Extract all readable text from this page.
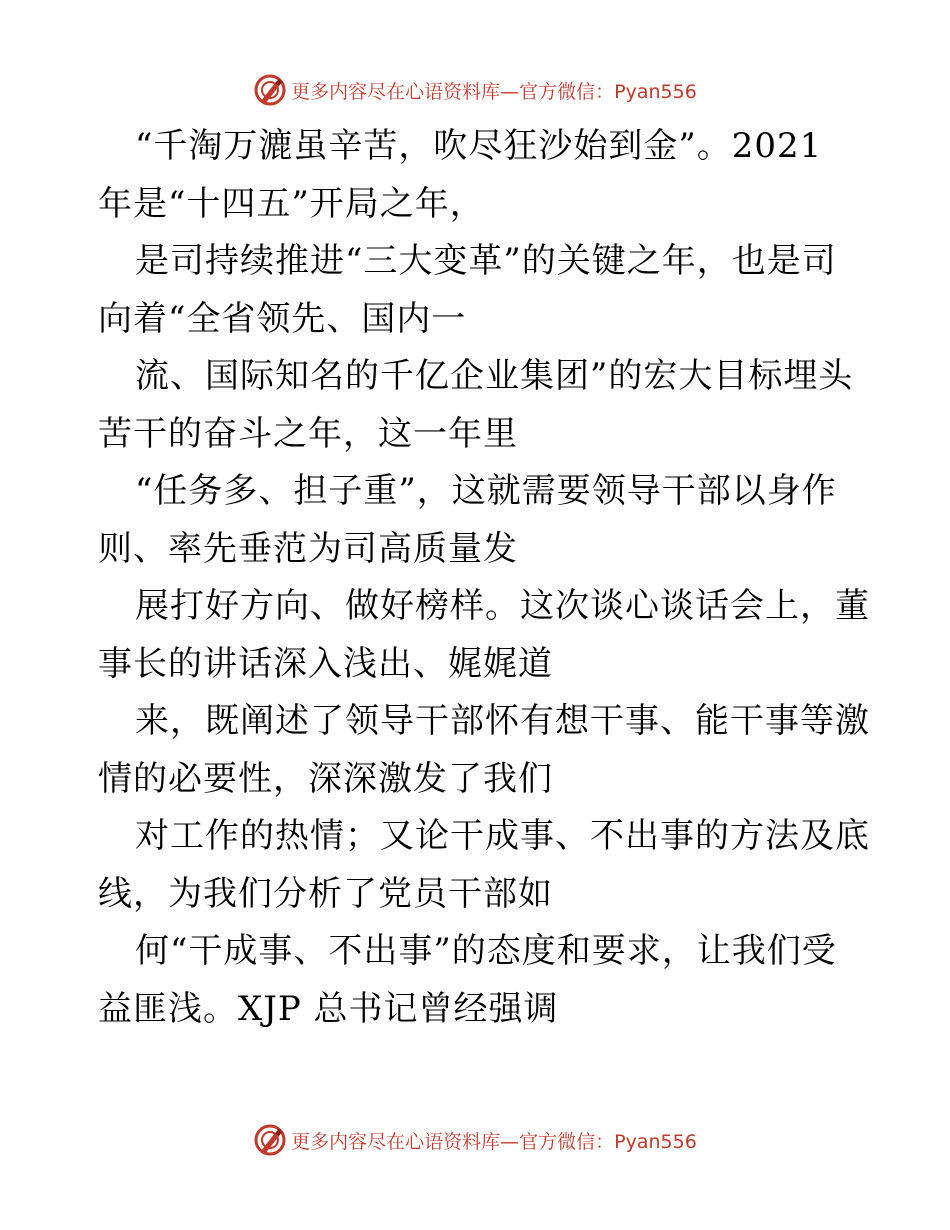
更多内容尽在心语资料库—官方微信：Pyan556
“千淘万漉虽辛苦，吹尽狂沙始到金”。2021
年是“十四五”开局之年，
是司持续推进“三大变革”的关键之年，也是司
向着“全省领先、国内一
流、国际知名的千亿企业集团”的宏大目标埋头
苦干的奋斗之年，这一年里
“任务多、担子重”，这就需要领导干部以身作
则、率先垂范为司高质量发
展打好方向、做好榜样。这次谈心谈话会上，董
事长的讲话深入浅出、娓娓道
来，既阐述了领导干部怀有想干事、能干事等激
情的必要性，深深激发了我们
对工作的热情；又论干成事、不出事的方法及底
线，为我们分析了党员干部如
何“干成事、不出事”的态度和要求，让我们受
益匪浅。XJP 总书记曾经强调
更多内容尽在心语资料库—官方微信：Pyan556
